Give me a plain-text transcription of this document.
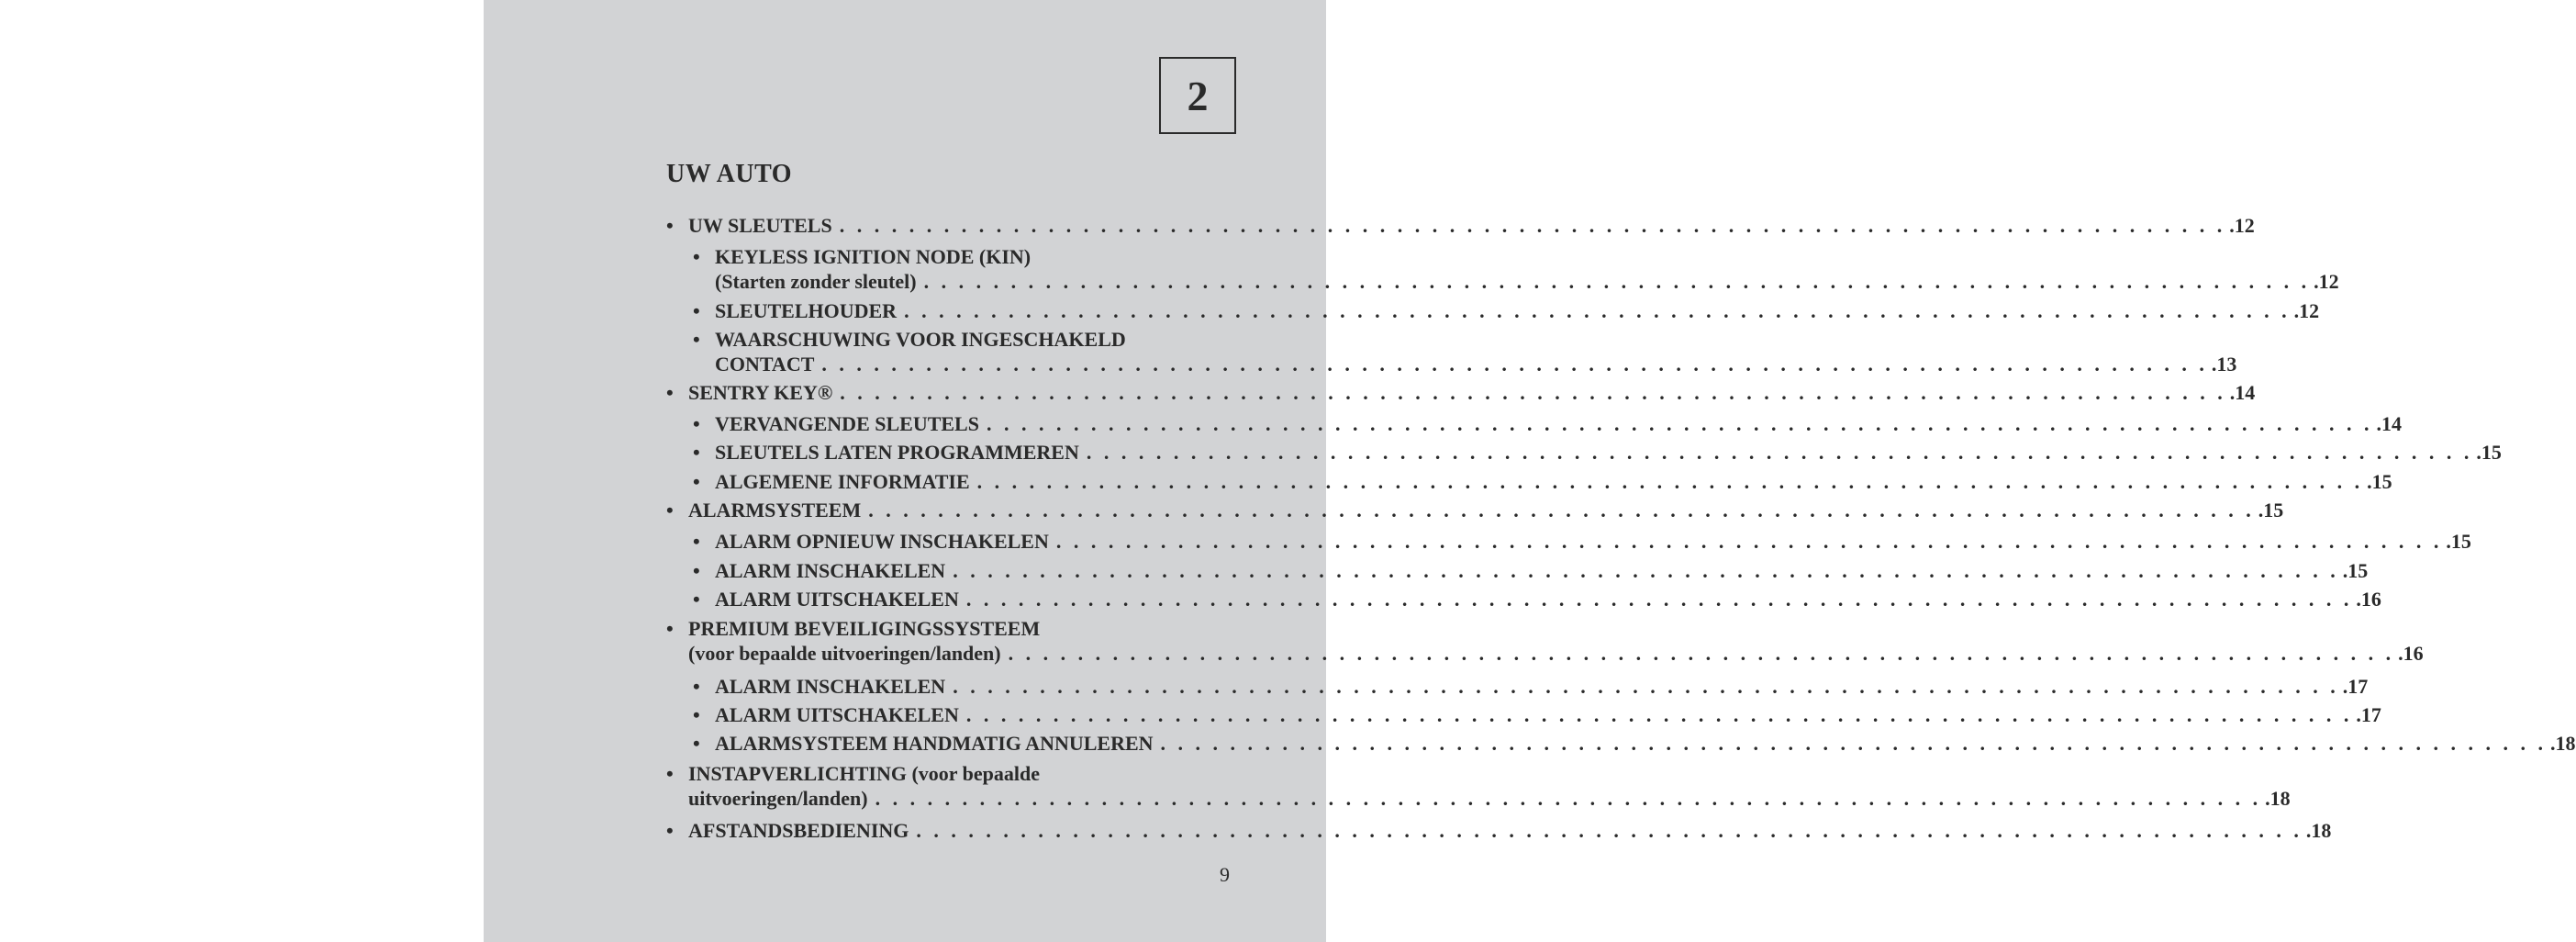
2
UW AUTO
• UW SLEUTELS . . . . . . . . . . . . . . . . . . . . . . . . . . . . . . . . . . . . . . . . . . . . . . . . . . . . . . . . . . . . . . . . . . . . . . . . . . . . . . . . .12
• KEYLESS IGNITION NODE (KIN)
(Starten zonder sleutel) . . . . . . . . . . . . . . . . . . . . . . . . . . . . . . . . . . . . . . . . . . . . . . . . . . . . . . . . . . . . . . . . . . . . . . . . . . . . . . . . .12
• SLEUTELHOUDER . . . . . . . . . . . . . . . . . . . . . . . . . . . . . . . . . . . . . . . . . . . . . . . . . . . . . . . . . . . . . . . . . . . . . . . . . . . . . . . . .12
• WAARSCHUWING VOOR INGESCHAKELD
CONTACT . . . . . . . . . . . . . . . . . . . . . . . . . . . . . . . . . . . . . . . . . . . . . . . . . . . . . . . . . . . . . . . . . . . . . . . . . . . . . . . . .13
• SENTRY KEY® . . . . . . . . . . . . . . . . . . . . . . . . . . . . . . . . . . . . . . . . . . . . . . . . . . . . . . . . . . . . . . . . . . . . . . . . . . . . . . . . .14
• VERVANGENDE SLEUTELS . . . . . . . . . . . . . . . . . . . . . . . . . . . . . . . . . . . . . . . . . . . . . . . . . . . . . . . . . . . . . . . . . . . . . . . . . . . . . . . . .14
• SLEUTELS LATEN PROGRAMMEREN . . . . . . . . . . . . . . . . . . . . . . . . . . . . . . . . . . . . . . . . . . . . . . . . . . . . . . . . . . . . . . . . . . . . . . . . . . . . . . . . .15
• ALGEMENE INFORMATIE . . . . . . . . . . . . . . . . . . . . . . . . . . . . . . . . . . . . . . . . . . . . . . . . . . . . . . . . . . . . . . . . . . . . . . . . . . . . . . . . .15
• ALARMSYSTEEM . . . . . . . . . . . . . . . . . . . . . . . . . . . . . . . . . . . . . . . . . . . . . . . . . . . . . . . . . . . . . . . . . . . . . . . . . . . . . . . . .15
• ALARM OPNIEUW INSCHAKELEN . . . . . . . . . . . . . . . . . . . . . . . . . . . . . . . . . . . . . . . . . . . . . . . . . . . . . . . . . . . . . . . . . . . . . . . . . . . . . . . . .15
• ALARM INSCHAKELEN . . . . . . . . . . . . . . . . . . . . . . . . . . . . . . . . . . . . . . . . . . . . . . . . . . . . . . . . . . . . . . . . . . . . . . . . . . . . . . . . .15
• ALARM UITSCHAKELEN . . . . . . . . . . . . . . . . . . . . . . . . . . . . . . . . . . . . . . . . . . . . . . . . . . . . . . . . . . . . . . . . . . . . . . . . . . . . . . . . .16
• PREMIUM BEVEILIGINGSSYSTEEM
(voor bepaalde uitvoeringen/landen) . . . . . . . . . . . . . . . . . . . . . . . . . . . . . . . . . . . . . . . . . . . . . . . . . . . . . . . . . . . . . . . . . . . . . . . . . . . . . . . . .16
• ALARM INSCHAKELEN . . . . . . . . . . . . . . . . . . . . . . . . . . . . . . . . . . . . . . . . . . . . . . . . . . . . . . . . . . . . . . . . . . . . . . . . . . . . . . . . .17
• ALARM UITSCHAKELEN . . . . . . . . . . . . . . . . . . . . . . . . . . . . . . . . . . . . . . . . . . . . . . . . . . . . . . . . . . . . . . . . . . . . . . . . . . . . . . . . .17
• ALARMSYSTEEM HANDMATIG ANNULEREN . . . . . . . . . . . . . . . . . . . . . . . . . . . . . . . . . . . . . . . . . . . . . . . . . . . . . . . . . . . . . . . . . . . . . . . . . . . . . . . . .18
• INSTAPVERLICHTING (voor bepaalde
uitvoeringen/landen) . . . . . . . . . . . . . . . . . . . . . . . . . . . . . . . . . . . . . . . . . . . . . . . . . . . . . . . . . . . . . . . . . . . . . . . . . . . . . . . . .18
• AFSTANDSBEDIENING . . . . . . . . . . . . . . . . . . . . . . . . . . . . . . . . . . . . . . . . . . . . . . . . . . . . . . . . . . . . . . . . . . . . . . . . . . . . . . . . .18
9
